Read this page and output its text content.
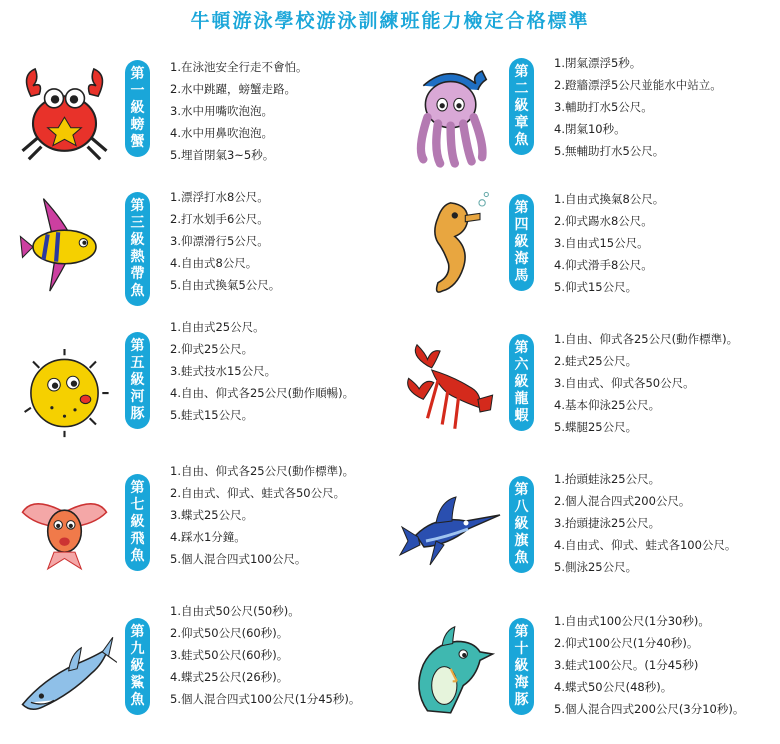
牛頓游泳學校游泳訓練班能力檢定合格標準
第一級螃蟹
1.在泳池安全行走不會怕。
2.水中跳躍，螃蟹走路。
3.水中用嘴吹泡泡。
4.水中用鼻吹泡泡。
5.埋首閉氣3~5秒。
第二級章魚
1.閉氣漂浮5秒。
2.蹬牆漂浮5公尺並能水中站立。
3.輔助打水5公尺。
4.閉氣10秒。
5.無輔助打水5公尺。
第三級熱帶魚
1.漂浮打水8公尺。
2.打水划手6公尺。
3.仰漂滑行5公尺。
4.自由式8公尺。
5.自由式換氣5公尺。
第四級海馬
1.自由式換氣8公尺。
2.仰式踢水8公尺。
3.自由式15公尺。
4.仰式滑手8公尺。
5.仰式15公尺。
第五級河豚
1.自由式25公尺。
2.仰式25公尺。
3.蛙式技水15公尺。
4.自由、仰式各25公尺(動作順暢)。
5.蛙式15公尺。
第六級龍蝦
1.自由、仰式各25公尺(動作標準)。
2.蛙式25公尺。
3.自由式、仰式各50公尺。
4.基本仰泳25公尺。
5.蝶腿25公尺。
第七級飛魚
1.自由、仰式各25公尺(動作標準)。
2.自由式、仰式、蛙式各50公尺。
3.蝶式25公尺。
4.踩水1分鐘。
5.個人混合四式100公尺。
第八級旗魚
1.抬頭蛙泳25公尺。
2.個人混合四式200公尺。
3.抬頭捷泳25公尺。
4.自由式、仰式、蛙式各100公尺。
5.側泳25公尺。
第九級鯊魚
1.自由式50公尺(50秒)。
2.仰式50公尺(60秒)。
3.蛙式50公尺(60秒)。
4.蝶式25公尺(26秒)。
5.個人混合四式100公尺(1分45秒)。
第十級海豚
1.自由式100公尺(1分30秒)。
2.仰式100公尺(1分40秒)。
3.蛙式100公尺。(1分45秒)
4.蝶式50公尺(48秒)。
5.個人混合四式200公尺(3分10秒)。
